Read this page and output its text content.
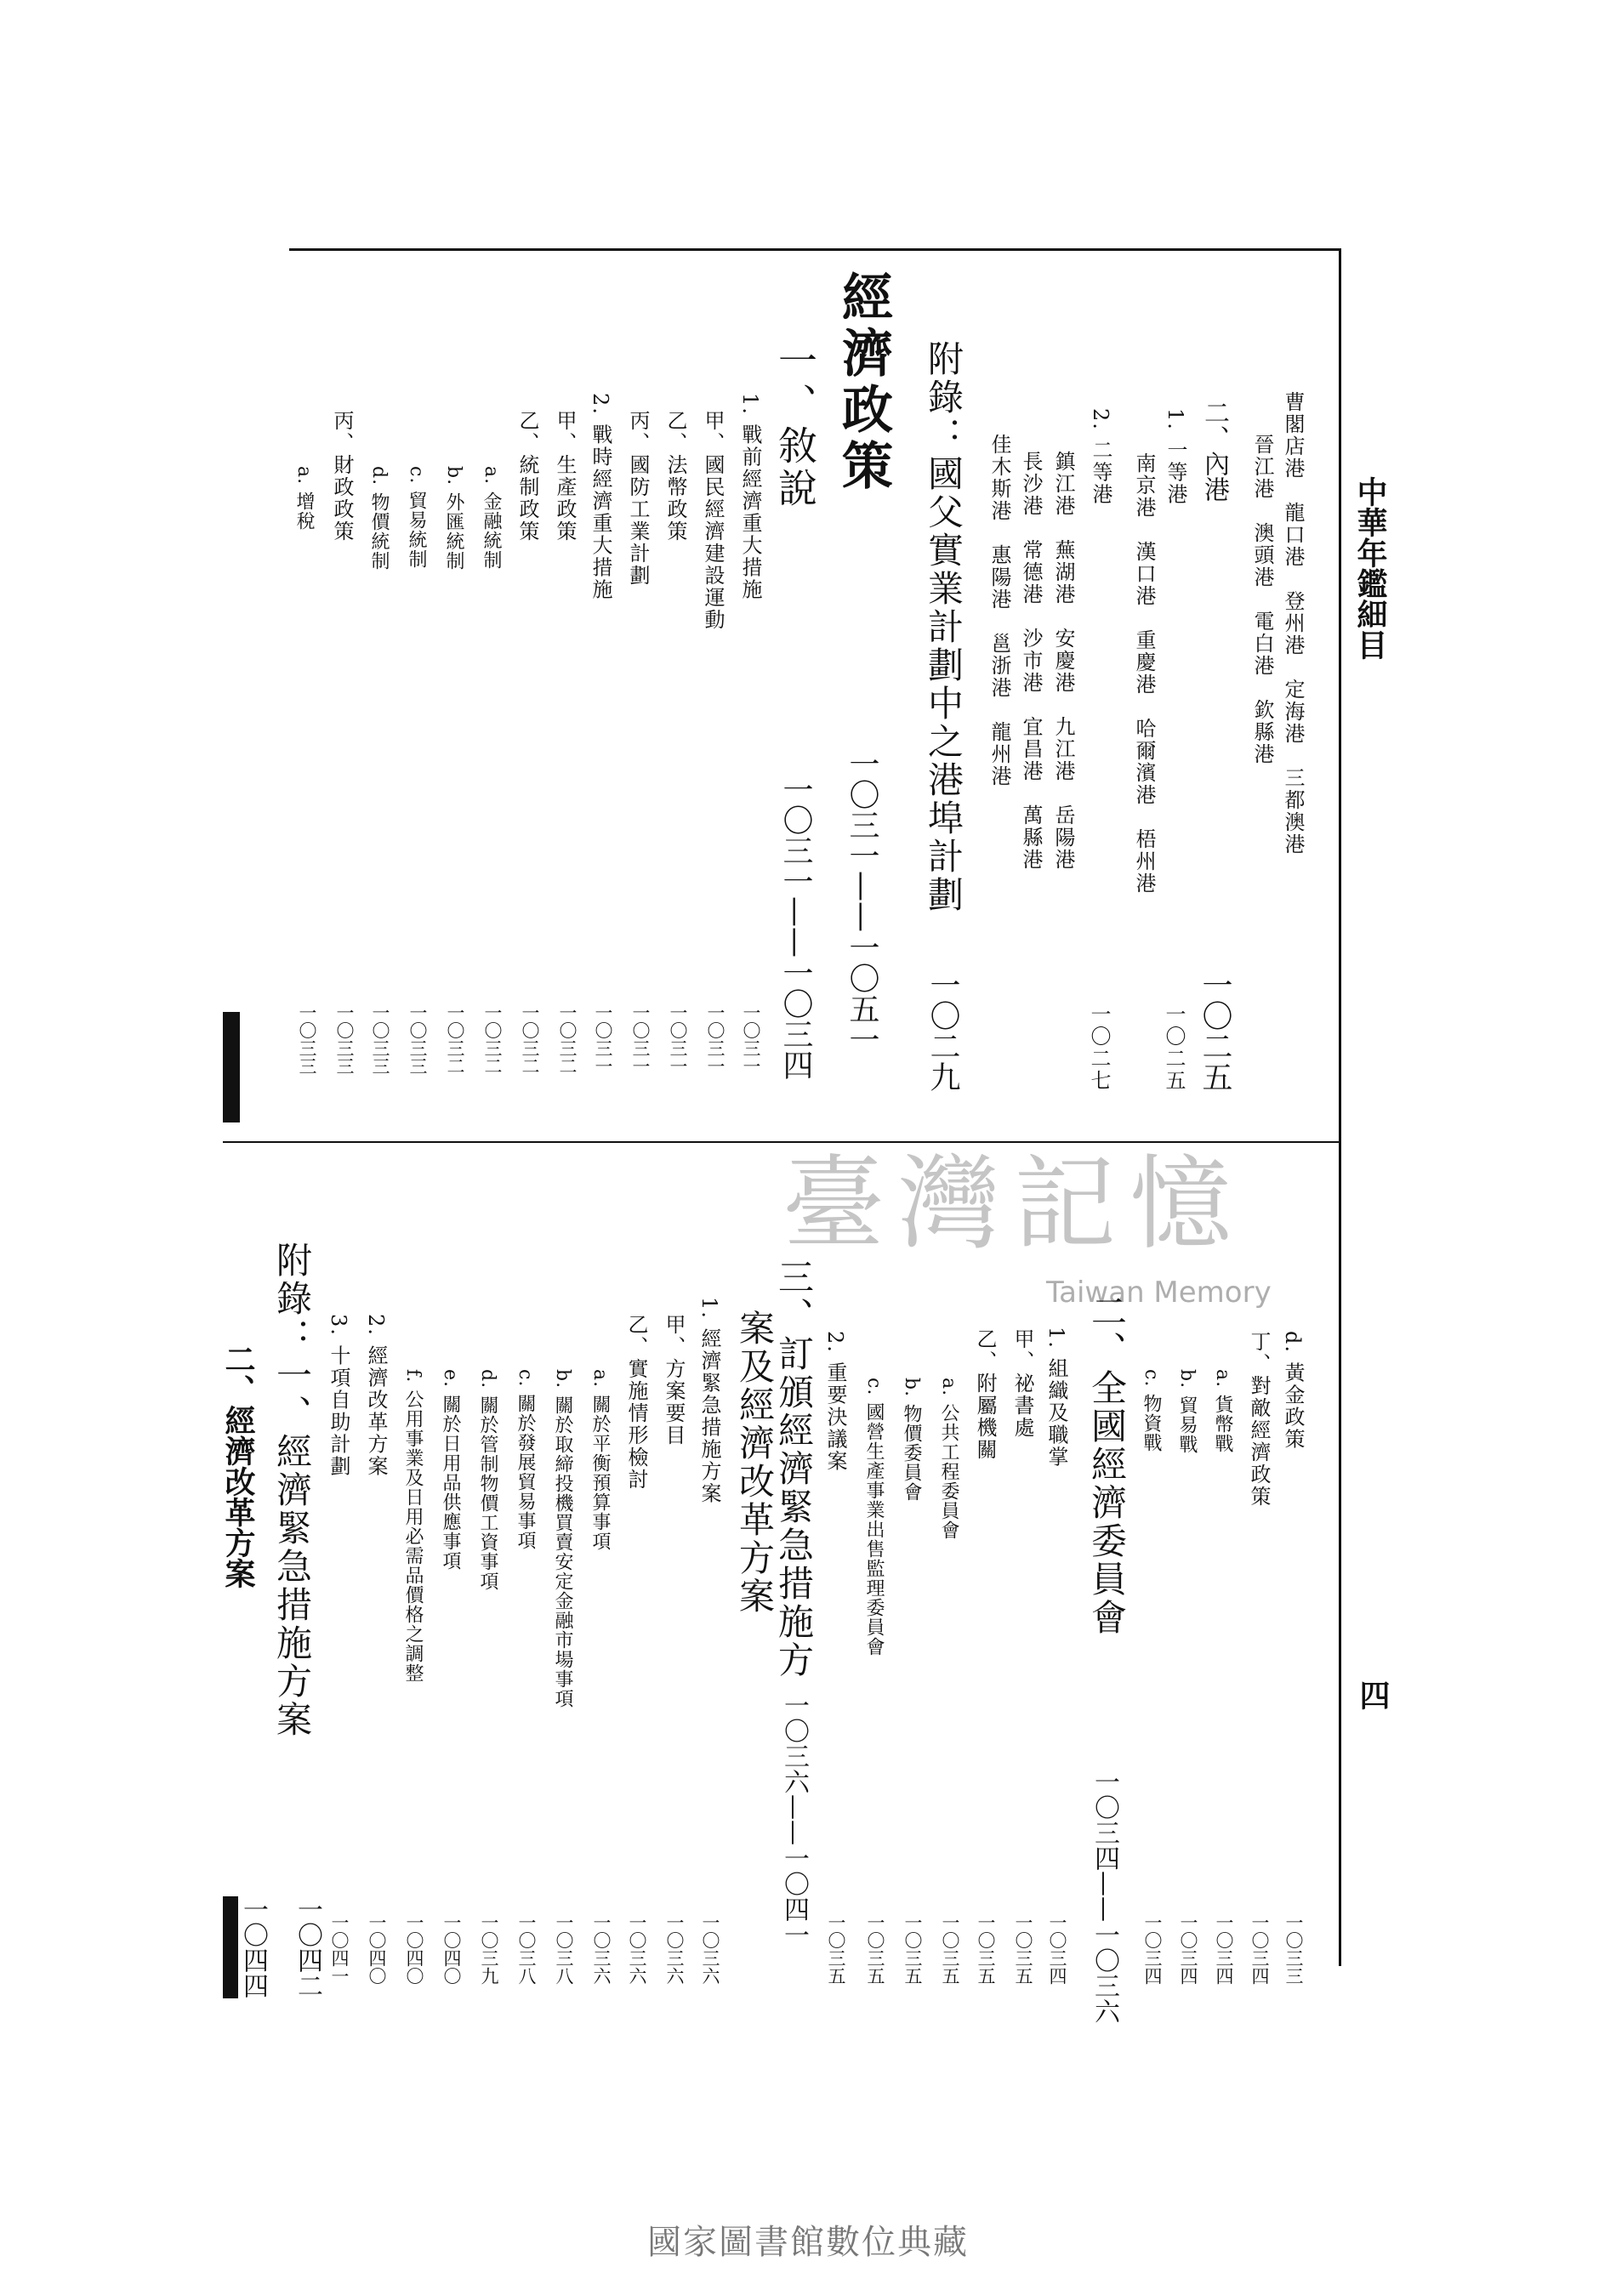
臺灣記憶
Taiwan Memory
中華年鑑細目
四
曹閣店港　龍口港　登州港　定海港　三都澳港
晉江港　澳頭港　電白港　欽縣港
二、內港
一〇二五
1. 一等港
一〇二五
南京港　漢口港　重慶港　哈爾濱港　梧州港
2. 二等港
一〇二七
鎮江港　蕪湖港　安慶港　九江港　岳陽港
長沙港　常德港　沙市港　宜昌港　萬縣港
佳木斯港　惠陽港　邕浙港　龍州港
附錄：國父實業計劃中之港埠計劃
一〇二九
經濟政策
一〇三一——一〇五一
一、敘說
一〇三一——一〇三四
1. 戰前經濟重大措施
一〇三一
甲、國民經濟建設運動
一〇三一
乙、法幣政策
一〇三一
丙、國防工業計劃
一〇三一
2. 戰時經濟重大措施
一〇三一
甲、生產政策
一〇三二
乙、統制政策
一〇三二
a. 金融統制
一〇三二
b. 外匯統制
一〇三二
c. 貿易統制
一〇三三
d. 物價統制
一〇三三
丙、財政政策
一〇三三
a. 增稅
一〇三三
d. 黃金政策
一〇三三
丁、對敵經濟政策
一〇三四
a. 貨幣戰
一〇三四
b. 貿易戰
一〇三四
c. 物資戰
一〇三四
二、全國經濟委員會
一〇三四——一〇三六
1. 組織及職掌
一〇三四
甲、祕書處
一〇三五
乙、附屬機關
一〇三五
a. 公共工程委員會
一〇三五
b. 物價委員會
一〇三五
c. 國營生產事業出售監理委員會
一〇三五
2. 重要決議案
一〇三五
三、訂頒經濟緊急措施方
案及經濟改革方案
一〇三六——一〇四一
1. 經濟緊急措施方案
一〇三六
甲、方案要目
一〇三六
乙、實施情形檢討
一〇三六
a. 關於平衡預算事項
一〇三六
b. 關於取締投機買賣安定金融市場事項
一〇三八
c. 關於發展貿易事項
一〇三八
d. 關於管制物價工資事項
一〇三九
e. 關於日用品供應事項
一〇四〇
f. 公用事業及日用必需品價格之調整
一〇四〇
2. 經濟改革方案
一〇四〇
3. 十項自助計劃
一〇四一
附錄：一、經濟緊急措施方案
一〇四二
二、經濟改革方案
一〇四四
國家圖書館數位典藏
